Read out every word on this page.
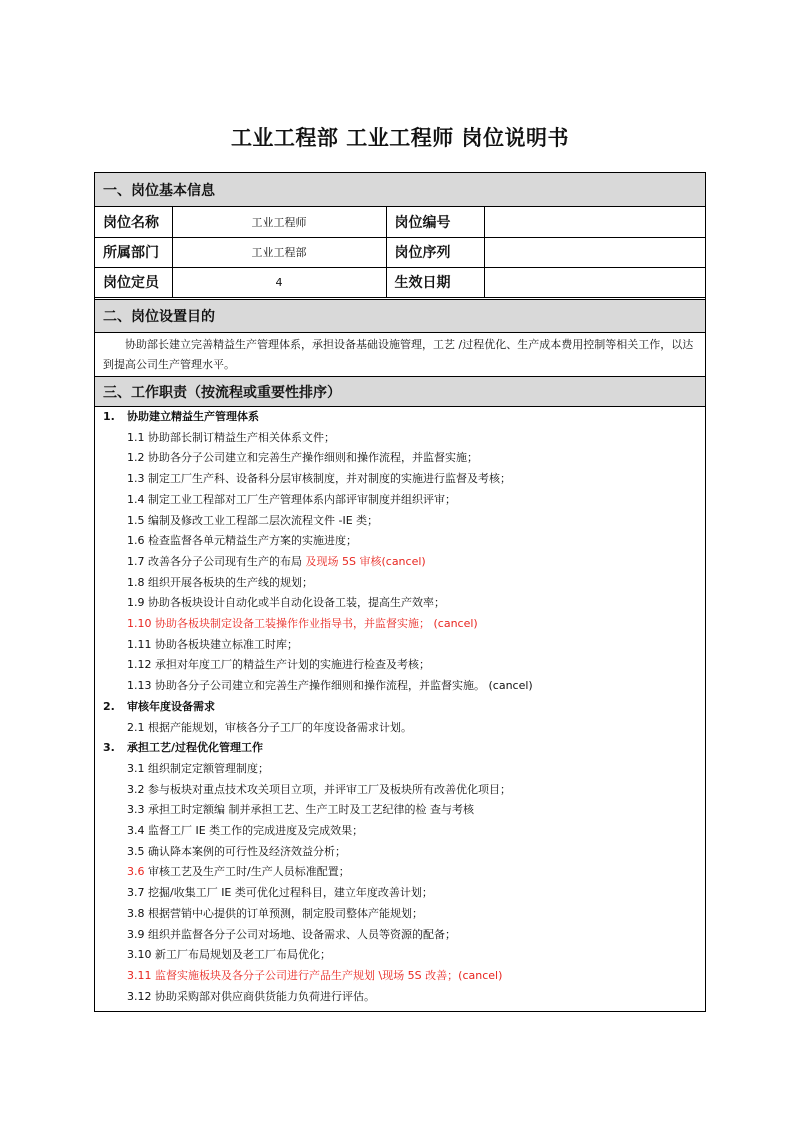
工业工程部 工业工程师 岗位说明书
一、岗位基本信息
岗位名称	工业工程师	岗位编号	
所属部门	工业工程部	岗位序列	
岗位定员	4	生效日期	
二、岗位设置目的
协助部长建立完善精益生产管理体系，承担设备基础设施管理，工艺 /过程优化、生产成本费用控制等相关工作，以达到提高公司生产管理水平。
三、工作职责（按流程或重要性排序）
1. 协助建立精益生产管理体系
1.1 协助部长制订精益生产相关体系文件；
1.2 协助各分子公司建立和完善生产操作细则和操作流程，并监督实施；
1.3 制定工厂生产科、设备科分层审核制度，并对制度的实施进行监督及考核；
1.4 制定工业工程部对工厂生产管理体系内部评审制度并组织评审；
1.5 编制及修改工业工程部二层次流程文件 -IE 类；
1.6 检查监督各单元精益生产方案的实施进度；
1.7 改善各分子公司现有生产的布局 及现场 5S 审核(cancel)
1.8 组织开展各板块的生产线的规划；
1.9 协助各板块设计自动化或半自动化设备工装，提高生产效率；
1.10 协助各板块制定设备工装操作作业指导书，并监督实施； (cancel)
1.11 协助各板块建立标准工时库；
1.12 承担对年度工厂的精益生产计划的实施进行检查及考核；
1.13 协助各分子公司建立和完善生产操作细则和操作流程，并监督实施。 (cancel)
2. 审核年度设备需求
2.1 根据产能规划，审核各分子工厂的年度设备需求计划。
3. 承担工艺/过程优化管理工作
3.1 组织制定定额管理制度；
3.2 参与板块对重点技术攻关项目立项，并评审工厂及板块所有改善优化项目；
3.3 承担工时定额编 制并承担工艺、生产工时及工艺纪律的检 查与考核
3.4 监督工厂 IE 类工作的完成进度及完成效果；
3.5 确认降本案例的可行性及经济效益分析；
3.6 审核工艺及生产工时/生产人员标准配置；
3.7 挖掘/收集工厂 IE 类可优化过程科目，建立年度改善计划；
3.8 根据营销中心提供的订单预测，制定股司整体产能规划；
3.9 组织并监督各分子公司对场地、设备需求、人员等资源的配备；
3.10 新工厂布局规划及老工厂布局优化；
3.11 监督实施板块及各分子公司进行产品生产规划 \现场 5S 改善；(cancel)
3.12 协助采购部对供应商供货能力负荷进行评估。
